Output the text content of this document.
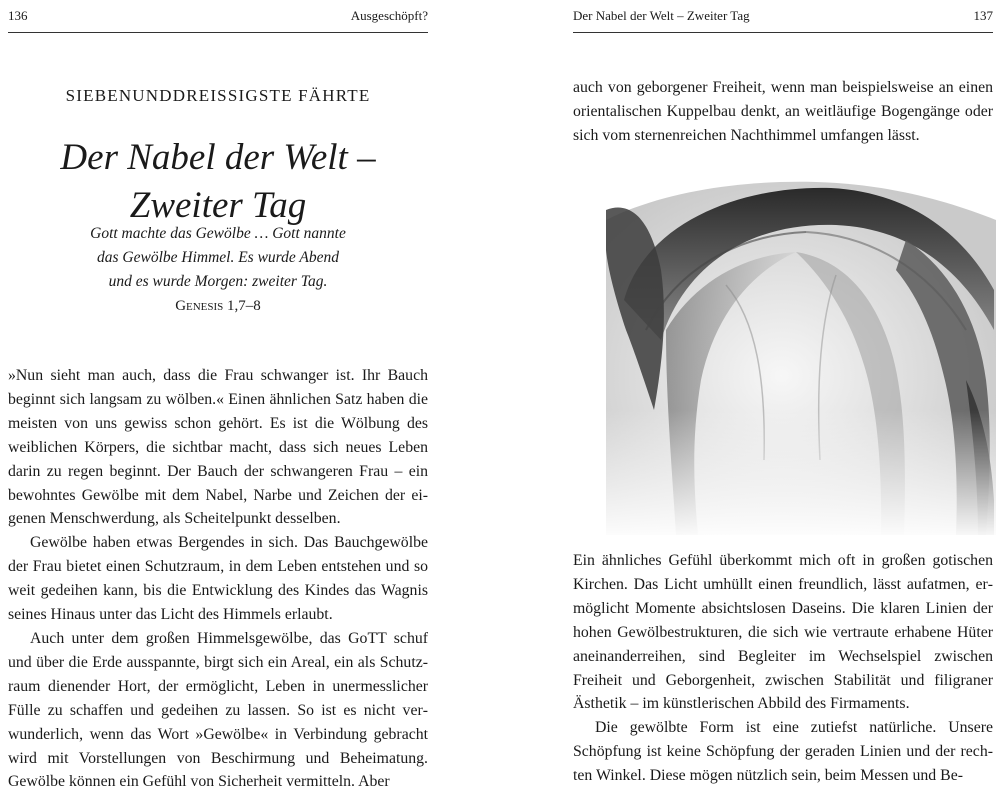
136	Ausgeschöpft?
SIEBENUNDDREISSIGSTE FÄHRTE
Der Nabel der Welt – Zweiter Tag
Gott machte das Gewölbe … Gott nannte
das Gewölbe Himmel. Es wurde Abend
und es wurde Morgen: zweiter Tag.
Genesis 1,7–8

»Nun sieht man auch, dass die Frau schwanger ist. Ihr Bauch beginnt sich langsam zu wölben.« Einen ähnlichen Satz haben die meisten von uns gewiss schon gehört. Es ist die Wölbung des weiblichen Körpers, die sichtbar macht, dass sich neues Leben darin zu regen beginnt. Der Bauch der schwangeren Frau – ein bewohntes Gewölbe mit dem Nabel, Narbe und Zeichen der eigenen Menschwerdung, als Scheitelpunkt desselben.

Gewölbe haben etwas Bergendes in sich. Das Bauchgewölbe der Frau bietet einen Schutzraum, in dem Leben entstehen und so weit gedeihen kann, bis die Entwicklung des Kindes das Wagnis seines Hinaus unter das Licht des Himmels erlaubt.

Auch unter dem großen Himmelsgewölbe, das GoTT schuf und über die Erde ausspannte, birgt sich ein Areal, ein als Schutzraum dienender Hort, der ermöglicht, Leben in unermesslicher Fülle zu schaffen und gedeihen zu lassen. So ist es nicht verwunderlich, wenn das Wort »Gewölbe« in Verbindung gebracht wird mit Vorstellungen von Beschirmung und Beheimatung. Gewölbe können ein Gefühl von Sicherheit vermitteln. Aber

Der Nabel der Welt – Zweiter Tag	137

auch von geborgener Freiheit, wenn man beispielsweise an einen orientalischen Kuppelbau denkt, an weitläufige Bogengänge oder sich vom sternenreichen Nachthimmel umfangen lässt.

Ein ähnliches Gefühl überkommt mich oft in großen gotischen Kirchen. Das Licht umhüllt einen freundlich, lässt aufatmen, ermöglicht Momente absichtslosen Daseins. Die klaren Linien der hohen Gewölbestrukturen, die sich wie vertraute erhabene Hüter aneinanderreihen, sind Begleiter im Wechselspiel zwischen Freiheit und Geborgenheit, zwischen Stabilität und filigraner Ästhetik – im künstlerischen Abbild des Firmaments.

Die gewölbte Form ist eine zutiefst natürliche. Unsere Schöpfung ist keine Schöpfung der geraden Linien und der rechten Winkel. Diese mögen nützlich sein, beim Messen und Be-
